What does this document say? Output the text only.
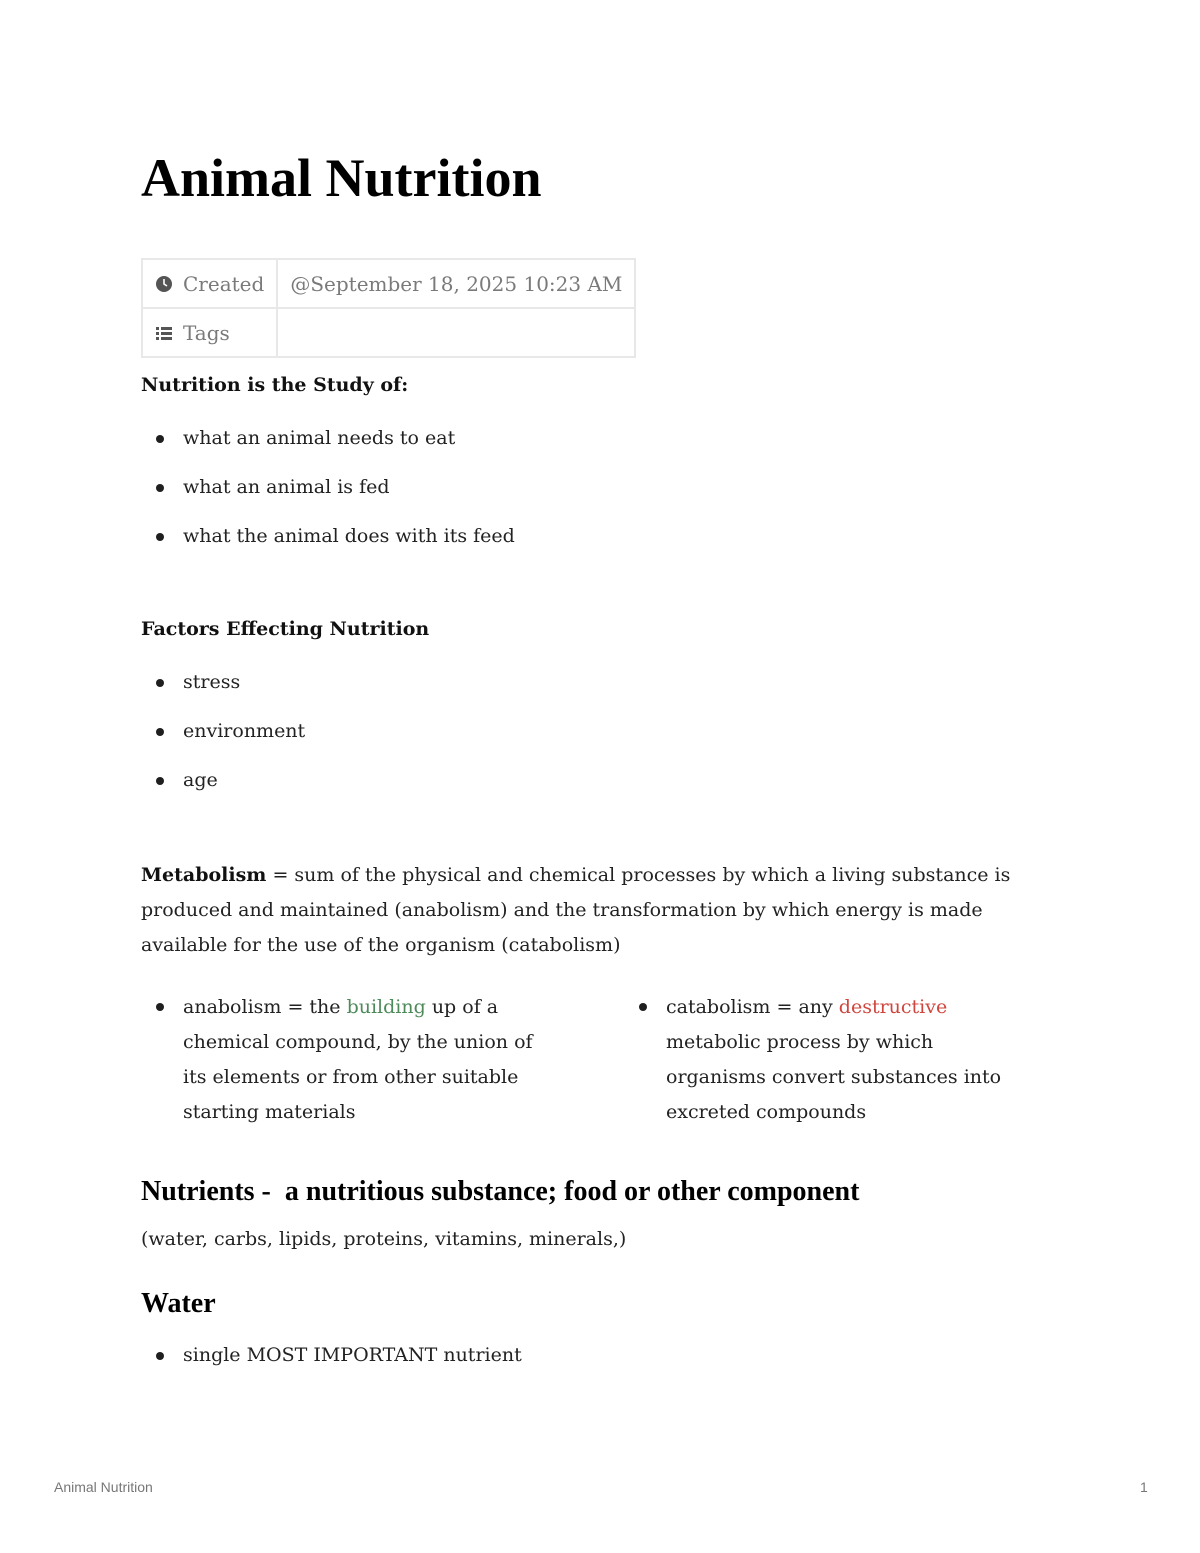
Animal Nutrition
Created	@September 18, 2025 10:23 AM
Tags	
Nutrition is the Study of:
what an animal needs to eat
what an animal is fed
what the animal does with its feed
Factors Effecting Nutrition
stress
environment
age
Metabolism = sum of the physical and chemical processes by which a living substance is produced and maintained (anabolism) and the transformation by which energy is made available for the use of the organism (catabolism)
anabolism = the building up of a chemical compound, by the union of its elements or from other suitable starting materials
catabolism = any destructive metabolic process by which organisms convert substances into excreted compounds
Nutrients -  a nutritious substance; food or other component
(water, carbs, lipids, proteins, vitamins, minerals,)
Water
single MOST IMPORTANT nutrient
Animal Nutrition	1
